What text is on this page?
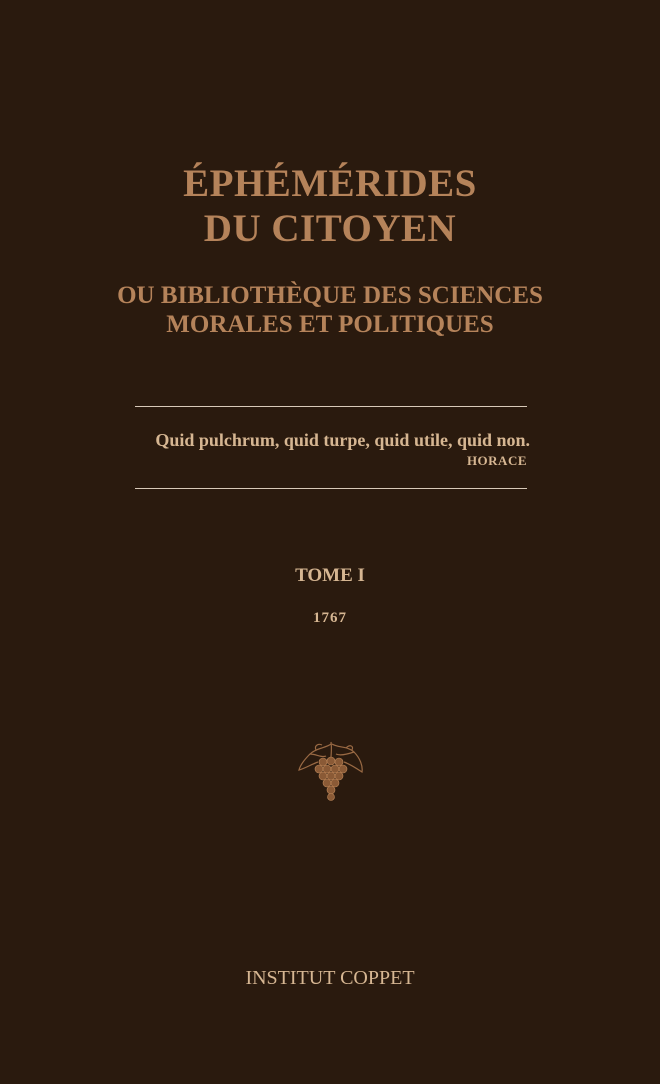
ÉPHÉMÉRIDES
DU CITOYEN
OU BIBLIOTHÈQUE DES SCIENCES
MORALES ET POLITIQUES
Quid pulchrum, quid turpe, quid utile, quid non.
HORACE
TOME I
1767
INSTITUT COPPET
